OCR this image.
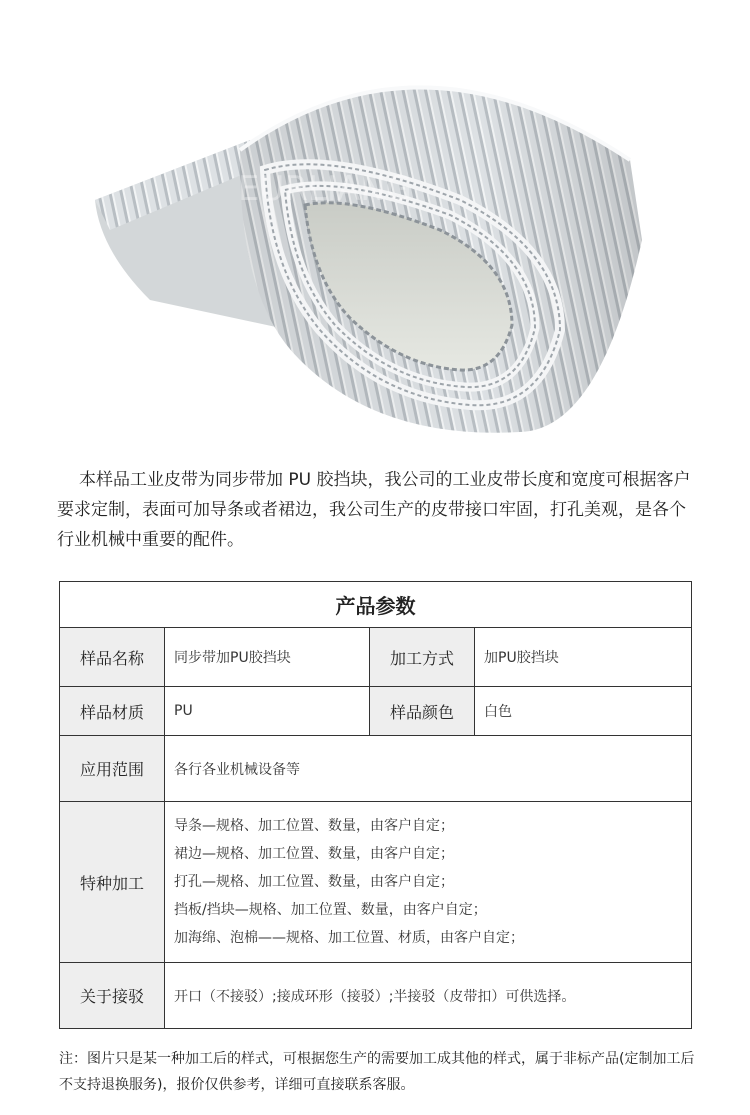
EURLIANG

本样品工业皮带为同步带加 PU 胶挡块，我公司的工业皮带长度和宽度可根据客户要求定制，表面可加导条或者裙边，我公司生产的皮带接口牢固，打孔美观，是各个行业机械中重要的配件。

产品参数			
样品名称	同步带加PU胶挡块	加工方式	加PU胶挡块
样品材质	PU	样品颜色	白色
应用范围	各行各业机械设备等		
特种加工	导条—规格、加工位置、数量，由客户自定；
裙边—规格、加工位置、数量，由客户自定；
打孔—规格、加工位置、数量，由客户自定；
挡板/挡块—规格、加工位置、数量，由客户自定；
加海绵、泡棉——规格、加工位置、材质，由客户自定；		

关于接驳	开口（不接驳）;接成环形（接驳）;半接驳（皮带扣）可供选择。		

注：图片只是某一种加工后的样式，可根据您生产的需要加工成其他的样式，属于非标产品(定制加工后不支持退换服务)，报价仅供参考，详细可直接联系客服。
